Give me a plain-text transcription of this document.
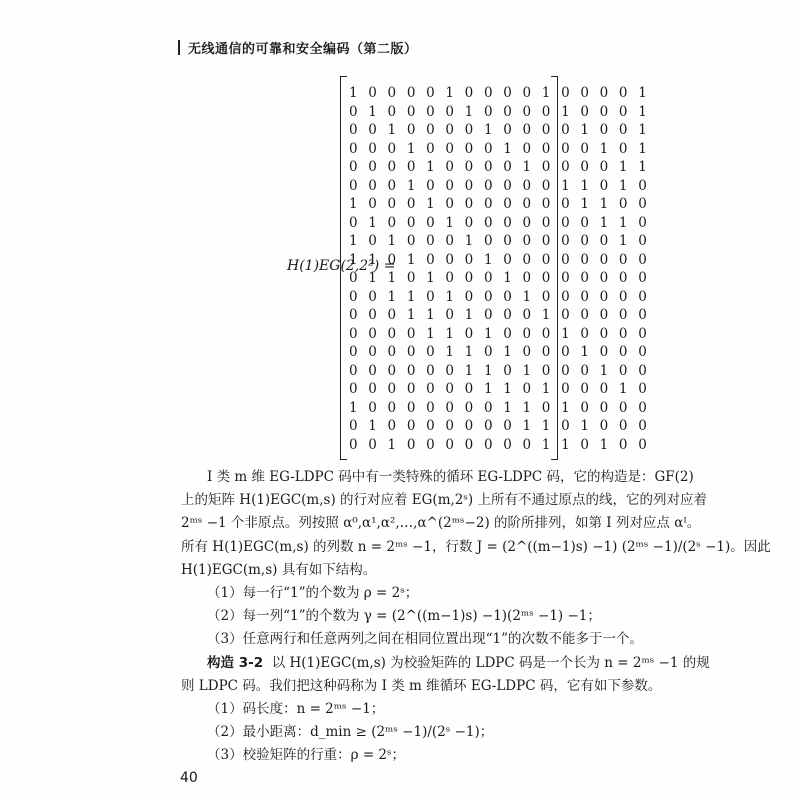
无线通信的可靠和安全编码（第二版）
H(1)EG(2,2²) =
1 0 0 0 0 1 0 0 0 0 1 0 0 0 0 1
0 1 0 0 0 0 1 0 0 0 0 1 0 0 0 1
0 0 1 0 0 0 0 1 0 0 0 0 1 0 0 1
0 0 0 1 0 0 0 0 1 0 0 0 0 1 0 1
0 0 0 0 1 0 0 0 0 1 0 0 0 0 1 1
0 0 0 1 0 0 0 0 0 0 0 1 1 0 1 0
1 0 0 0 1 0 0 0 0 0 0 0 1 1 0 0
0 1 0 0 0 1 0 0 0 0 0 0 0 1 1 0
1 0 1 0 0 0 1 0 0 0 0 0 0 0 1 0
1 1 0 1 0 0 0 1 0 0 0 0 0 0 0 0
0 1 1 0 1 0 0 0 1 0 0 0 0 0 0 0
0 0 1 1 0 1 0 0 0 1 0 0 0 0 0 0
0 0 0 1 1 0 1 0 0 0 1 0 0 0 0 0
0 0 0 0 1 1 0 1 0 0 0 1 0 0 0 0
0 0 0 0 0 1 1 0 1 0 0 0 1 0 0 0
0 0 0 0 0 0 1 1 0 1 0 0 0 1 0 0
0 0 0 0 0 0 0 1 1 0 1 0 0 0 1 0
1 0 0 0 0 0 0 0 1 1 0 1 0 0 0 0
0 1 0 0 0 0 0 0 0 1 1 0 1 0 0 0
0 0 1 0 0 0 0 0 0 0 1 1 0 1 0 0

I 类 m 维 EG-LDPC 码中有一类特殊的循环 EG-LDPC 码，它的构造是：GF(2)

上的矩阵 H(1)EGC(m,s) 的行对应着 EG(m,2ˢ) 上所有不通过原点的线，它的列对应着

2ᵐˢ −1 个非原点。列按照 α⁰,α¹,α²,…,α^(2ᵐˢ−2) 的阶所排列，如第 I 列对应点 αᴵ。

所有 H(1)EGC(m,s) 的列数 n = 2ᵐˢ −1，行数 J = (2^((m−1)s) −1) (2ᵐˢ −1)/(2ˢ −1)。因此

H(1)EGC(m,s) 具有如下结构。

（1）每一行“1”的个数为 ρ = 2ˢ；

（2）每一列“1”的个数为 γ = (2^((m−1)s) −1)(2ᵐˢ −1) −1；

（3）任意两行和任意两列之间在相同位置出现“1”的次数不能多于一个。

构造 3-2 以 H(1)EGC(m,s) 为校验矩阵的 LDPC 码是一个长为 n = 2ᵐˢ −1 的规

则 LDPC 码。我们把这种码称为 I 类 m 维循环 EG-LDPC 码，它有如下参数。

（1）码长度：n = 2ᵐˢ −1；

（2）最小距离：d_min ≥ (2ᵐˢ −1)/(2ˢ −1)；

（3）校验矩阵的行重：ρ = 2ˢ；

40
